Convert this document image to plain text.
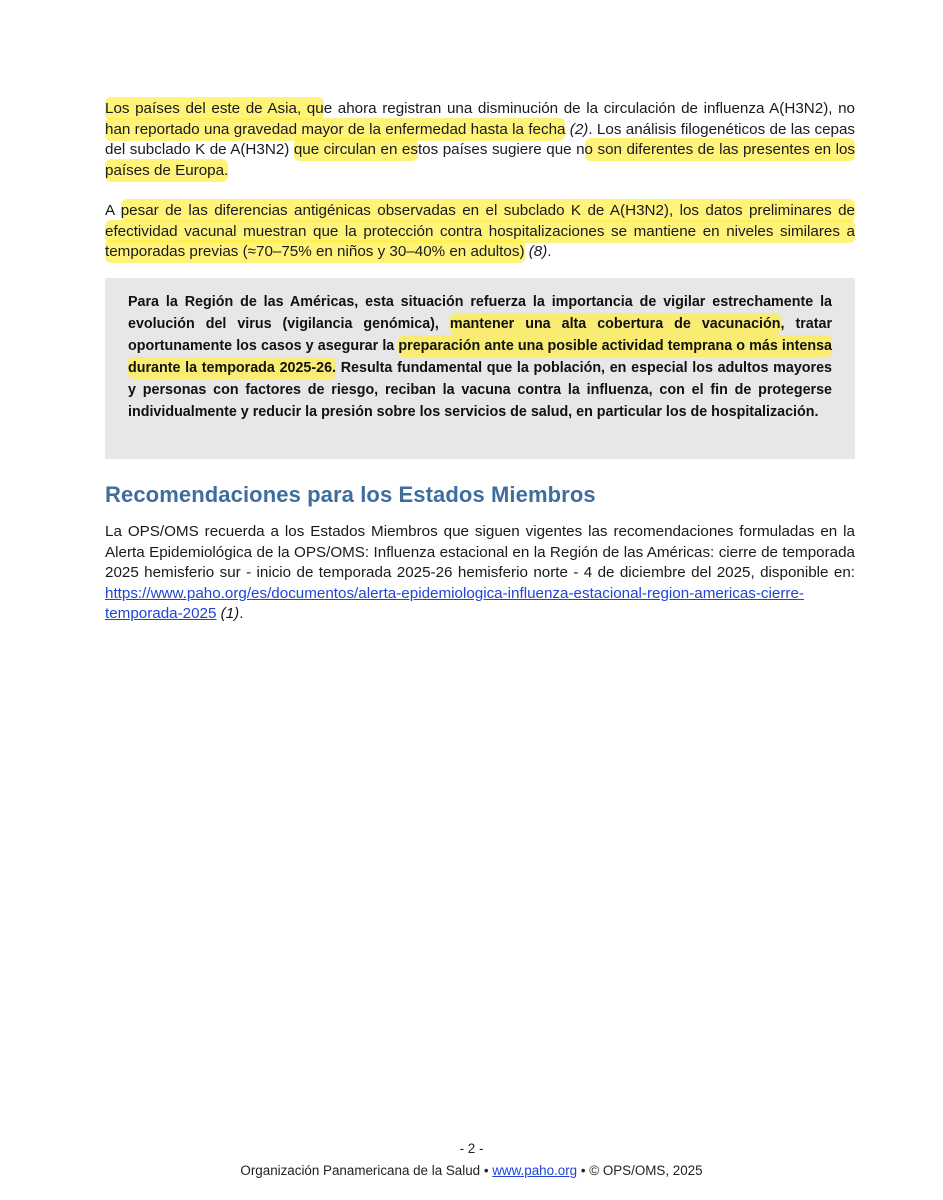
Los países del este de Asia, que ahora registran una disminución de la circulación de influenza A(H3N2), no han reportado una gravedad mayor de la enfermedad hasta la fecha (2). Los análisis filogenéticos de las cepas del subclado K de A(H3N2) que circulan en estos países sugiere que no son diferentes de las presentes en los países de Europa.

A pesar de las diferencias antigénicas observadas en el subclado K de A(H3N2), los datos preliminares de efectividad vacunal muestran que la protección contra hospitalizaciones se mantiene en niveles similares a temporadas previas (≈70–75% en niños y 30–40% en adultos) (8).

Para la Región de las Américas, esta situación refuerza la importancia de vigilar estrechamente la evolución del virus (vigilancia genómica), mantener una alta cobertura de vacunación, tratar oportunamente los casos y asegurar la preparación ante una posible actividad temprana o más intensa durante la temporada 2025-26. Resulta fundamental que la población, en especial los adultos mayores y personas con factores de riesgo, reciban la vacuna contra la influenza, con el fin de protegerse individualmente y reducir la presión sobre los servicios de salud, en particular los de hospitalización.

Recomendaciones para los Estados Miembros

La OPS/OMS recuerda a los Estados Miembros que siguen vigentes las recomendaciones formuladas en la Alerta Epidemiológica de la OPS/OMS: Influenza estacional en la Región de las Américas: cierre de temporada 2025 hemisferio sur - inicio de temporada 2025-26 hemisferio norte - 4 de diciembre del 2025, disponible en: https://www.paho.org/es/documentos/alerta-epidemiologica-influenza-estacional-region-americas-cierre-temporada-2025 (1).

- 2 -
Organización Panamericana de la Salud • www.paho.org • © OPS/OMS, 2025
